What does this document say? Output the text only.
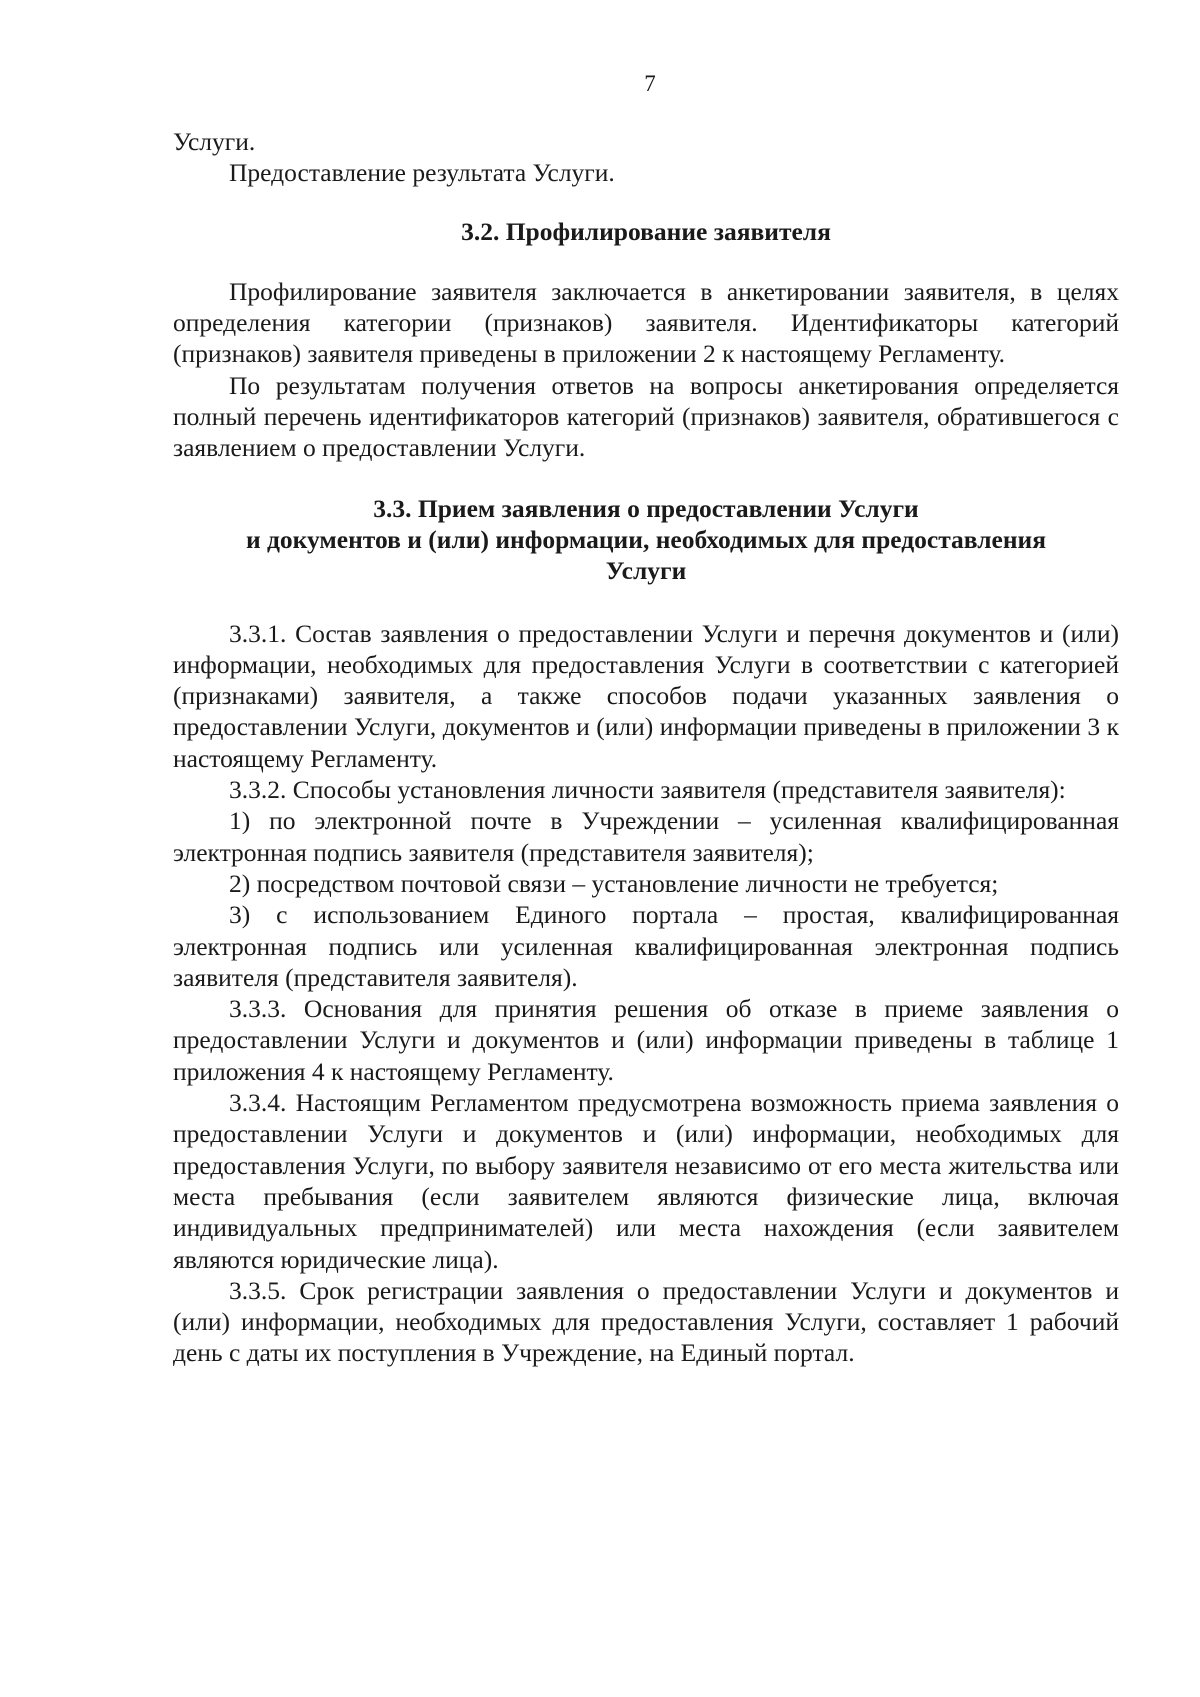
7

Услуги.

Предоставление результата Услуги.

3.2. Профилирование заявителя

Профилирование заявителя заключается в анкетировании заявителя, в целях определения категории (признаков) заявителя. Идентификаторы категорий (признаков) заявителя приведены в приложении 2 к настоящему Регламенту.

По результатам получения ответов на вопросы анкетирования определяется полный перечень идентификаторов категорий (признаков) заявителя, обратившегося с заявлением о предоставлении Услуги.

3.3. Прием заявления о предоставлении Услуги
и документов и (или) информации, необходимых для предоставления
Услуги

3.3.1. Состав заявления о предоставлении Услуги и перечня документов и (или) информации, необходимых для предоставления Услуги в соответствии с категорией (признаками) заявителя, а также способов подачи указанных заявления о предоставлении Услуги, документов и (или) информации приведены в приложении 3 к настоящему Регламенту.

3.3.2. Способы установления личности заявителя (представителя заявителя):

1) по электронной почте в Учреждении – усиленная квалифицированная электронная подпись заявителя (представителя заявителя);

2) посредством почтовой связи – установление личности не требуется;

3) с использованием Единого портала – простая, квалифицированная электронная подпись или усиленная квалифицированная электронная подпись заявителя (представителя заявителя).

3.3.3. Основания для принятия решения об отказе в приеме заявления о предоставлении Услуги и документов и (или) информации приведены в таблице 1 приложения 4 к настоящему Регламенту.

3.3.4. Настоящим Регламентом предусмотрена возможность приема заявления о предоставлении Услуги и документов и (или) информации, необходимых для предоставления Услуги, по выбору заявителя независимо от его места жительства или места пребывания (если заявителем являются физические лица, включая индивидуальных предпринимателей) или места нахождения (если заявителем являются юридические лица).

3.3.5. Срок регистрации заявления о предоставлении Услуги и документов и (или) информации, необходимых для предоставления Услуги, составляет 1 рабочий день с даты их поступления в Учреждение, на Единый портал.
